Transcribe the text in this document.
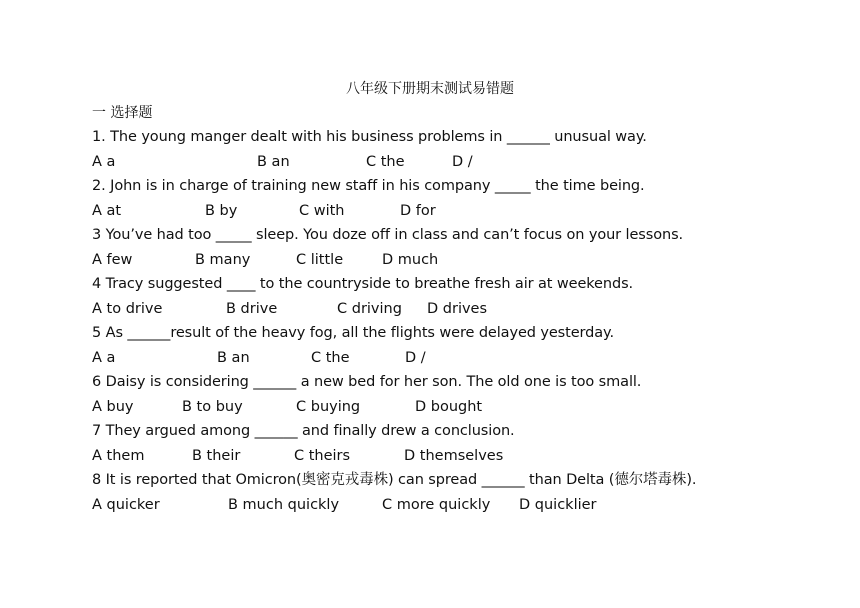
八年级下册期末测试易错题
一 选择题
1. The young manger dealt with his business problems in ______ unusual way.
A a	B an	C the	D /
2. John is in charge of training new staff in his company _____ the time being.
A at	B by	C with	D for
3 You’ve had too _____ sleep. You doze off in class and can’t focus on your lessons.
A few	B many	C little	D much
4 Tracy suggested ____ to the countryside to breathe fresh air at weekends.
A to drive	B drive	C driving D drives
5 As ______result of the heavy fog, all the flights were delayed yesterday.
A a	B an	C the	D /
6 Daisy is considering ______ a new bed for her son. The old one is too small.
A buy	B to buy	C buying	D bought
7 They argued among ______ and finally drew a conclusion.
A them	B their	C theirs	D themselves
8 It is reported that Omicron(奥密克戎毒株) can spread ______ than Delta (德尔塔毒株).
A quicker	B much quickly	C more quickly D quicklier
